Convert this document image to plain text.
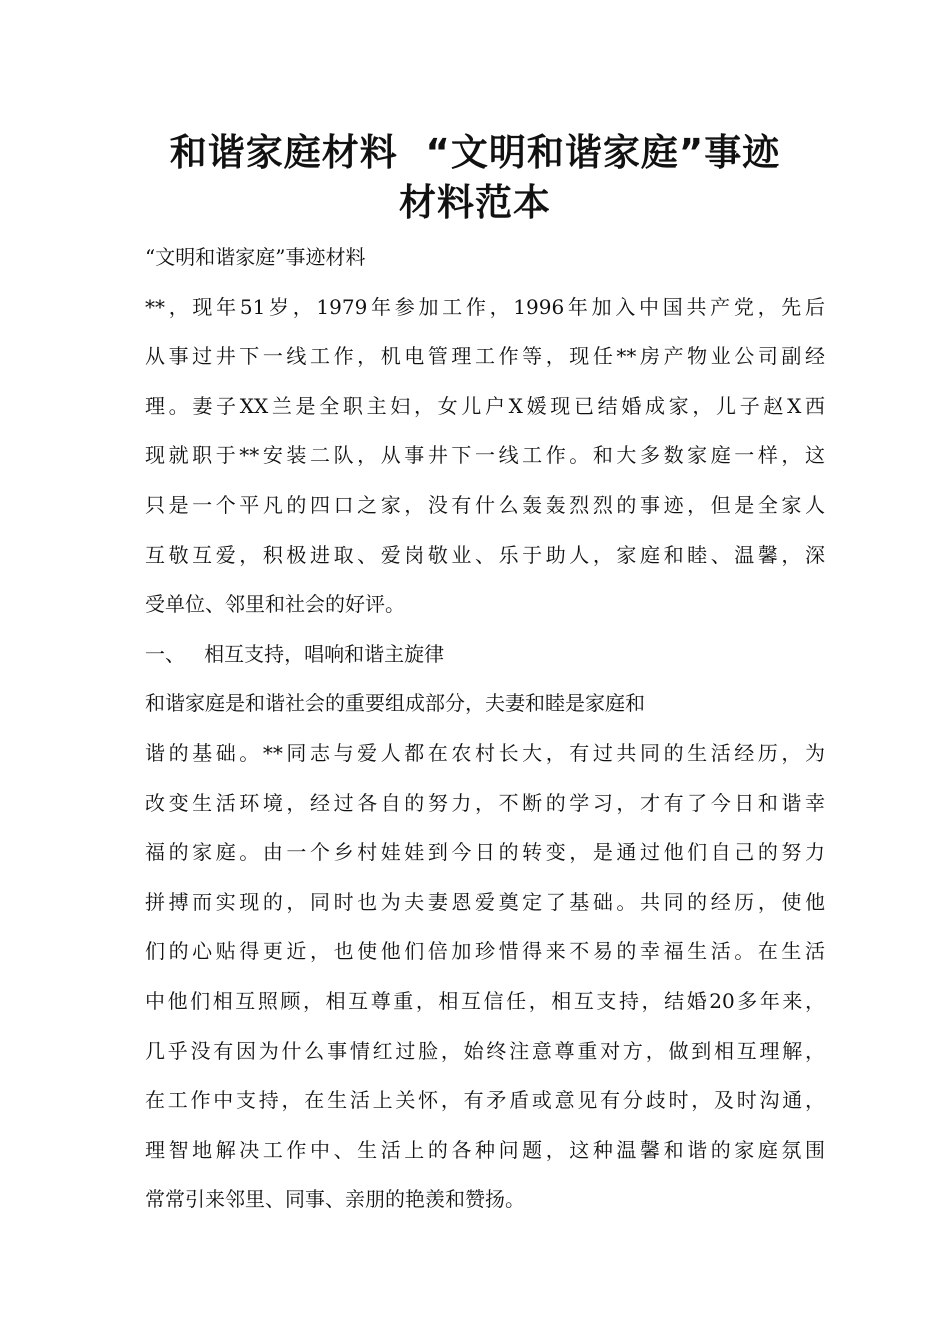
和谐家庭材料  “文明和谐家庭”事迹
材料范本
“文明和谐家庭”事迹材料
**，现年51岁，1979年参加工作，1996年加入中国共产党，先后
从事过井下一线工作，机电管理工作等，现任**房产物业公司副经
理。妻子XX兰是全职主妇，女儿户X媛现已结婚成家，儿子赵X西
现就职于**安装二队，从事井下一线工作。和大多数家庭一样，这
只是一个平凡的四口之家，没有什么轰轰烈烈的事迹，但是全家人
互敬互爱，积极进取、爱岗敬业、乐于助人，家庭和睦、温馨，深
受单位、邻里和社会的好评。
一、   相互支持，唱响和谐主旋律
和谐家庭是和谐社会的重要组成部分，夫妻和睦是家庭和
谐的基础。**同志与爱人都在农村长大，有过共同的生活经历，为
改变生活环境，经过各自的努力，不断的学习，才有了今日和谐幸
福的家庭。由一个乡村娃娃到今日的转变，是通过他们自己的努力
拼搏而实现的，同时也为夫妻恩爱奠定了基础。共同的经历，使他
们的心贴得更近，也使他们倍加珍惜得来不易的幸福生活。在生活
中他们相互照顾，相互尊重，相互信任，相互支持，结婚20多年来，
几乎没有因为什么事情红过脸，始终注意尊重对方，做到相互理解，
在工作中支持，在生活上关怀，有矛盾或意见有分歧时，及时沟通，
理智地解决工作中、生活上的各种问题，这种温馨和谐的家庭氛围
常常引来邻里、同事、亲朋的艳羡和赞扬。
